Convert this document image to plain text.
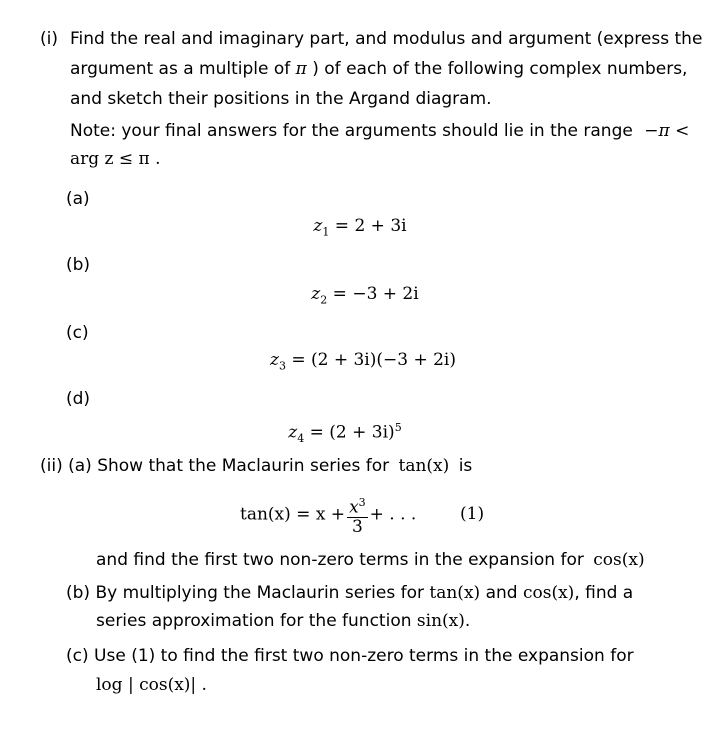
(i) Find the real and imaginary part, and modulus and argument (express the
argument as a multiple of π ) of each of the following complex numbers,
and sketch their positions in the Argand diagram.
Note: your final answers for the arguments should lie in the range −π <
arg z ≤ π .
(a)
$z_1 = 2 + 3i$
(b)
$z_2 = -3 + 2i$
(c)
$z_3 = (2 + 3i)(-3 + 2i)$
(d)
$z_4 = (2 + 3i)^5$
(ii) (a) Show that the Maclaurin series for tan(x) is
$\tan(x) = x + \frac{x^3}{3}$ + . . .	(1)
and find the first two non-zero terms in the expansion for cos(x)
(b) By multiplying the Maclaurin series for tan(x) and cos(x), find a
series approximation for the function sin(x).
(c) Use (1) to find the first two non-zero terms in the expansion for
log | cos(x)| .
